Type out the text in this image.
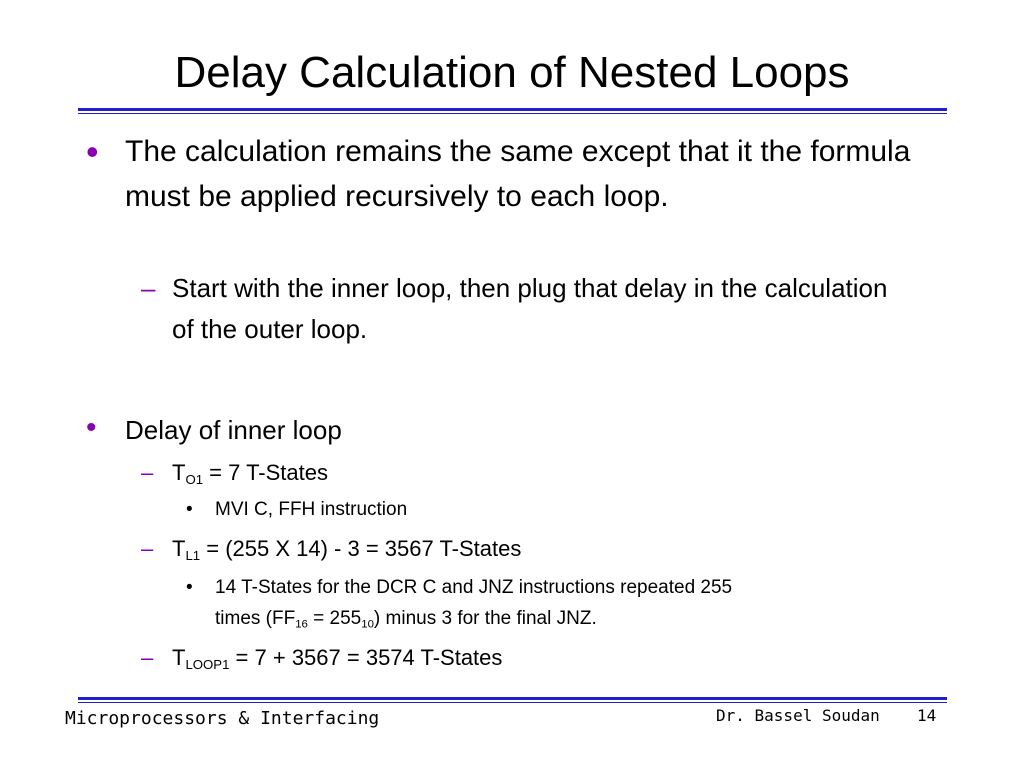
Delay Calculation of Nested Loops
• The calculation remains the same except that it the formula must be applied recursively to each loop.
– Start with the inner loop, then plug that delay in the calculation of the outer loop.
• Delay of inner loop
– $T_{O1} = 7$ T-States
• MVI C, FFH instruction
– $T_{L1} = (255$ X 14) - 3 = 3567 T-States
• 14 T-States for the DCR C and JNZ instructions repeated 255
times $(FF_{16} = 255_{10})$ minus 3 for the final JNZ.
– $T_{LOOP1} = 7 + 3567 = 3574$ T-States
Microprocessors & Interfacing	Dr. Bassel Soudan 14
